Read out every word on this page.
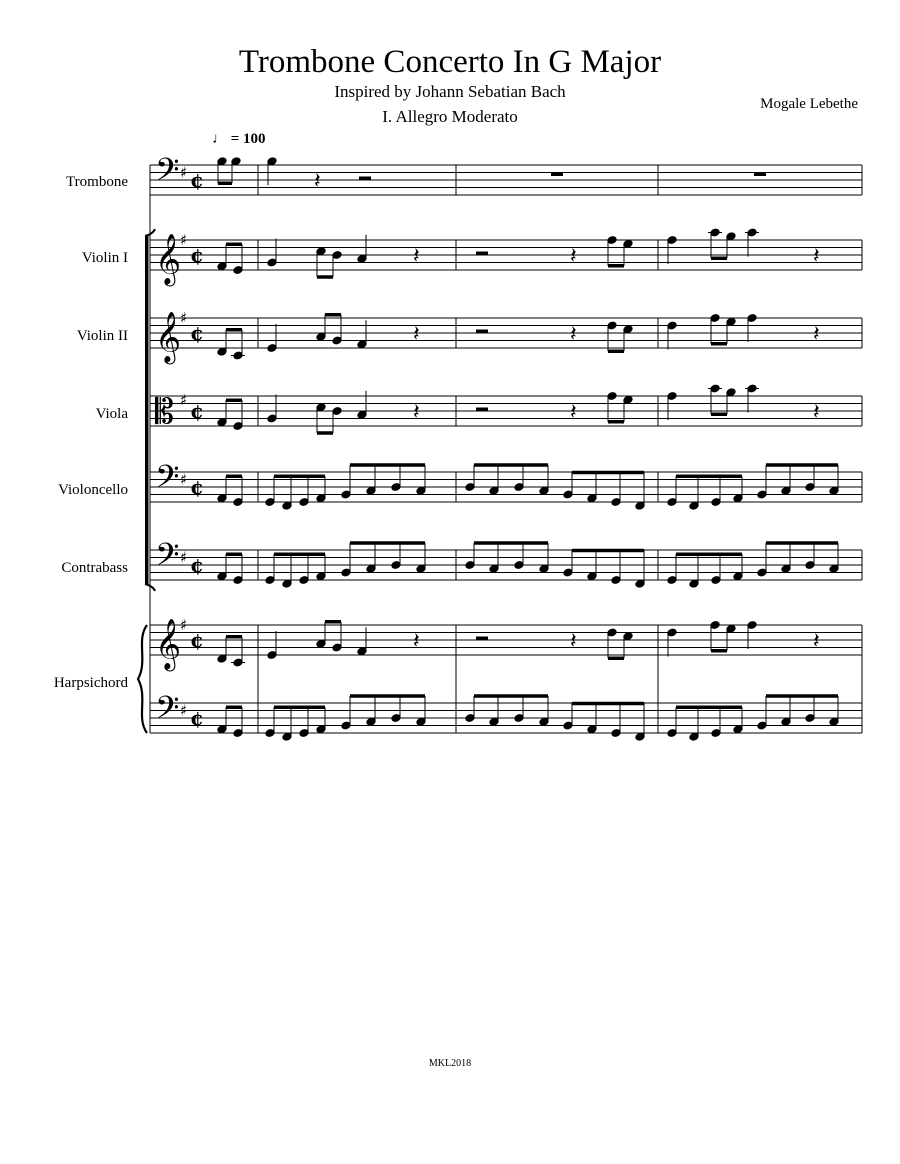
Trombone Concerto In G Major
Inspired by Johann Sebatian Bach
I. Allegro Moderato
Mogale Lebethe
♩ = 100
Trombone
Violin I
Violin II
Viola
Violoncello
Contrabass
Harpsichord
𝄢 ♯ ¢
𝄞
♯
¢
𝄞
♯
¢
𝄡 ♯ ¢
𝄢 ♯ ¢
𝄢 ♯ ¢
𝄞
♯
¢
𝄢 ♯ ¢
𝄽
𝄽	𝄽	𝄽
𝄽	𝄽	𝄽
𝄽	𝄽	𝄽
𝄽	𝄽	𝄽
MKL2018
